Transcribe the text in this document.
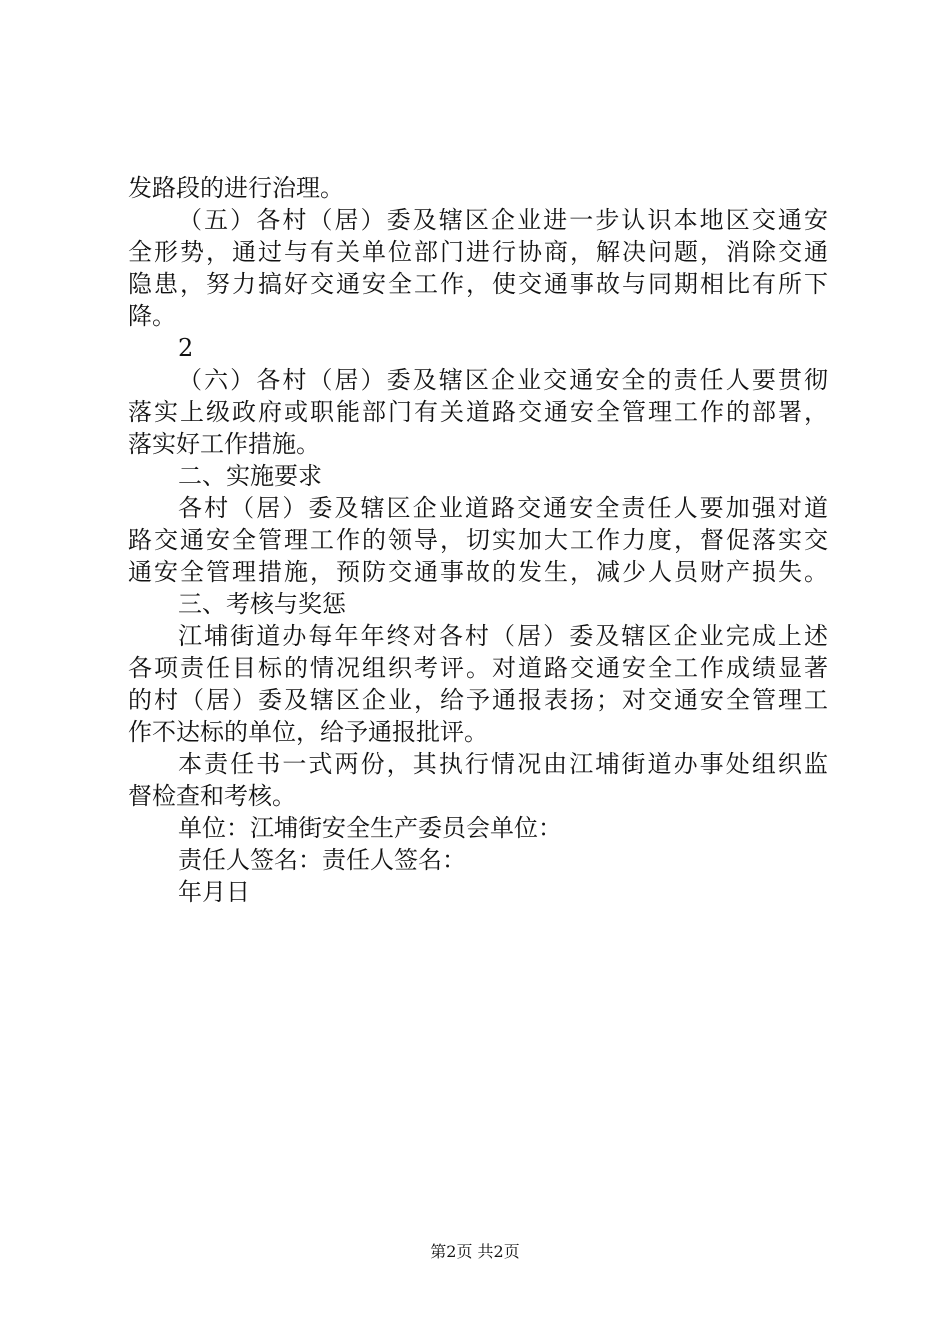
发路段的进行治理。
（五）各村（居）委及辖区企业进一步认识本地区交通安
全形势，通过与有关单位部门进行协商，解决问题，消除交通
隐患，努力搞好交通安全工作，使交通事故与同期相比有所下
降。
2
（六）各村（居）委及辖区企业交通安全的责任人要贯彻
落实上级政府或职能部门有关道路交通安全管理工作的部署，
落实好工作措施。
二、实施要求
各村（居）委及辖区企业道路交通安全责任人要加强对道
路交通安全管理工作的领导，切实加大工作力度，督促落实交
通安全管理措施，预防交通事故的发生，减少人员财产损失。
三、考核与奖惩
江埔街道办每年年终对各村（居）委及辖区企业完成上述
各项责任目标的情况组织考评。对道路交通安全工作成绩显著
的村（居）委及辖区企业，给予通报表扬；对交通安全管理工
作不达标的单位，给予通报批评。
本责任书一式两份，其执行情况由江埔街道办事处组织监
督检查和考核。
单位：江埔街安全生产委员会单位：
责任人签名：责任人签名：
年月日
第2页 共2页
